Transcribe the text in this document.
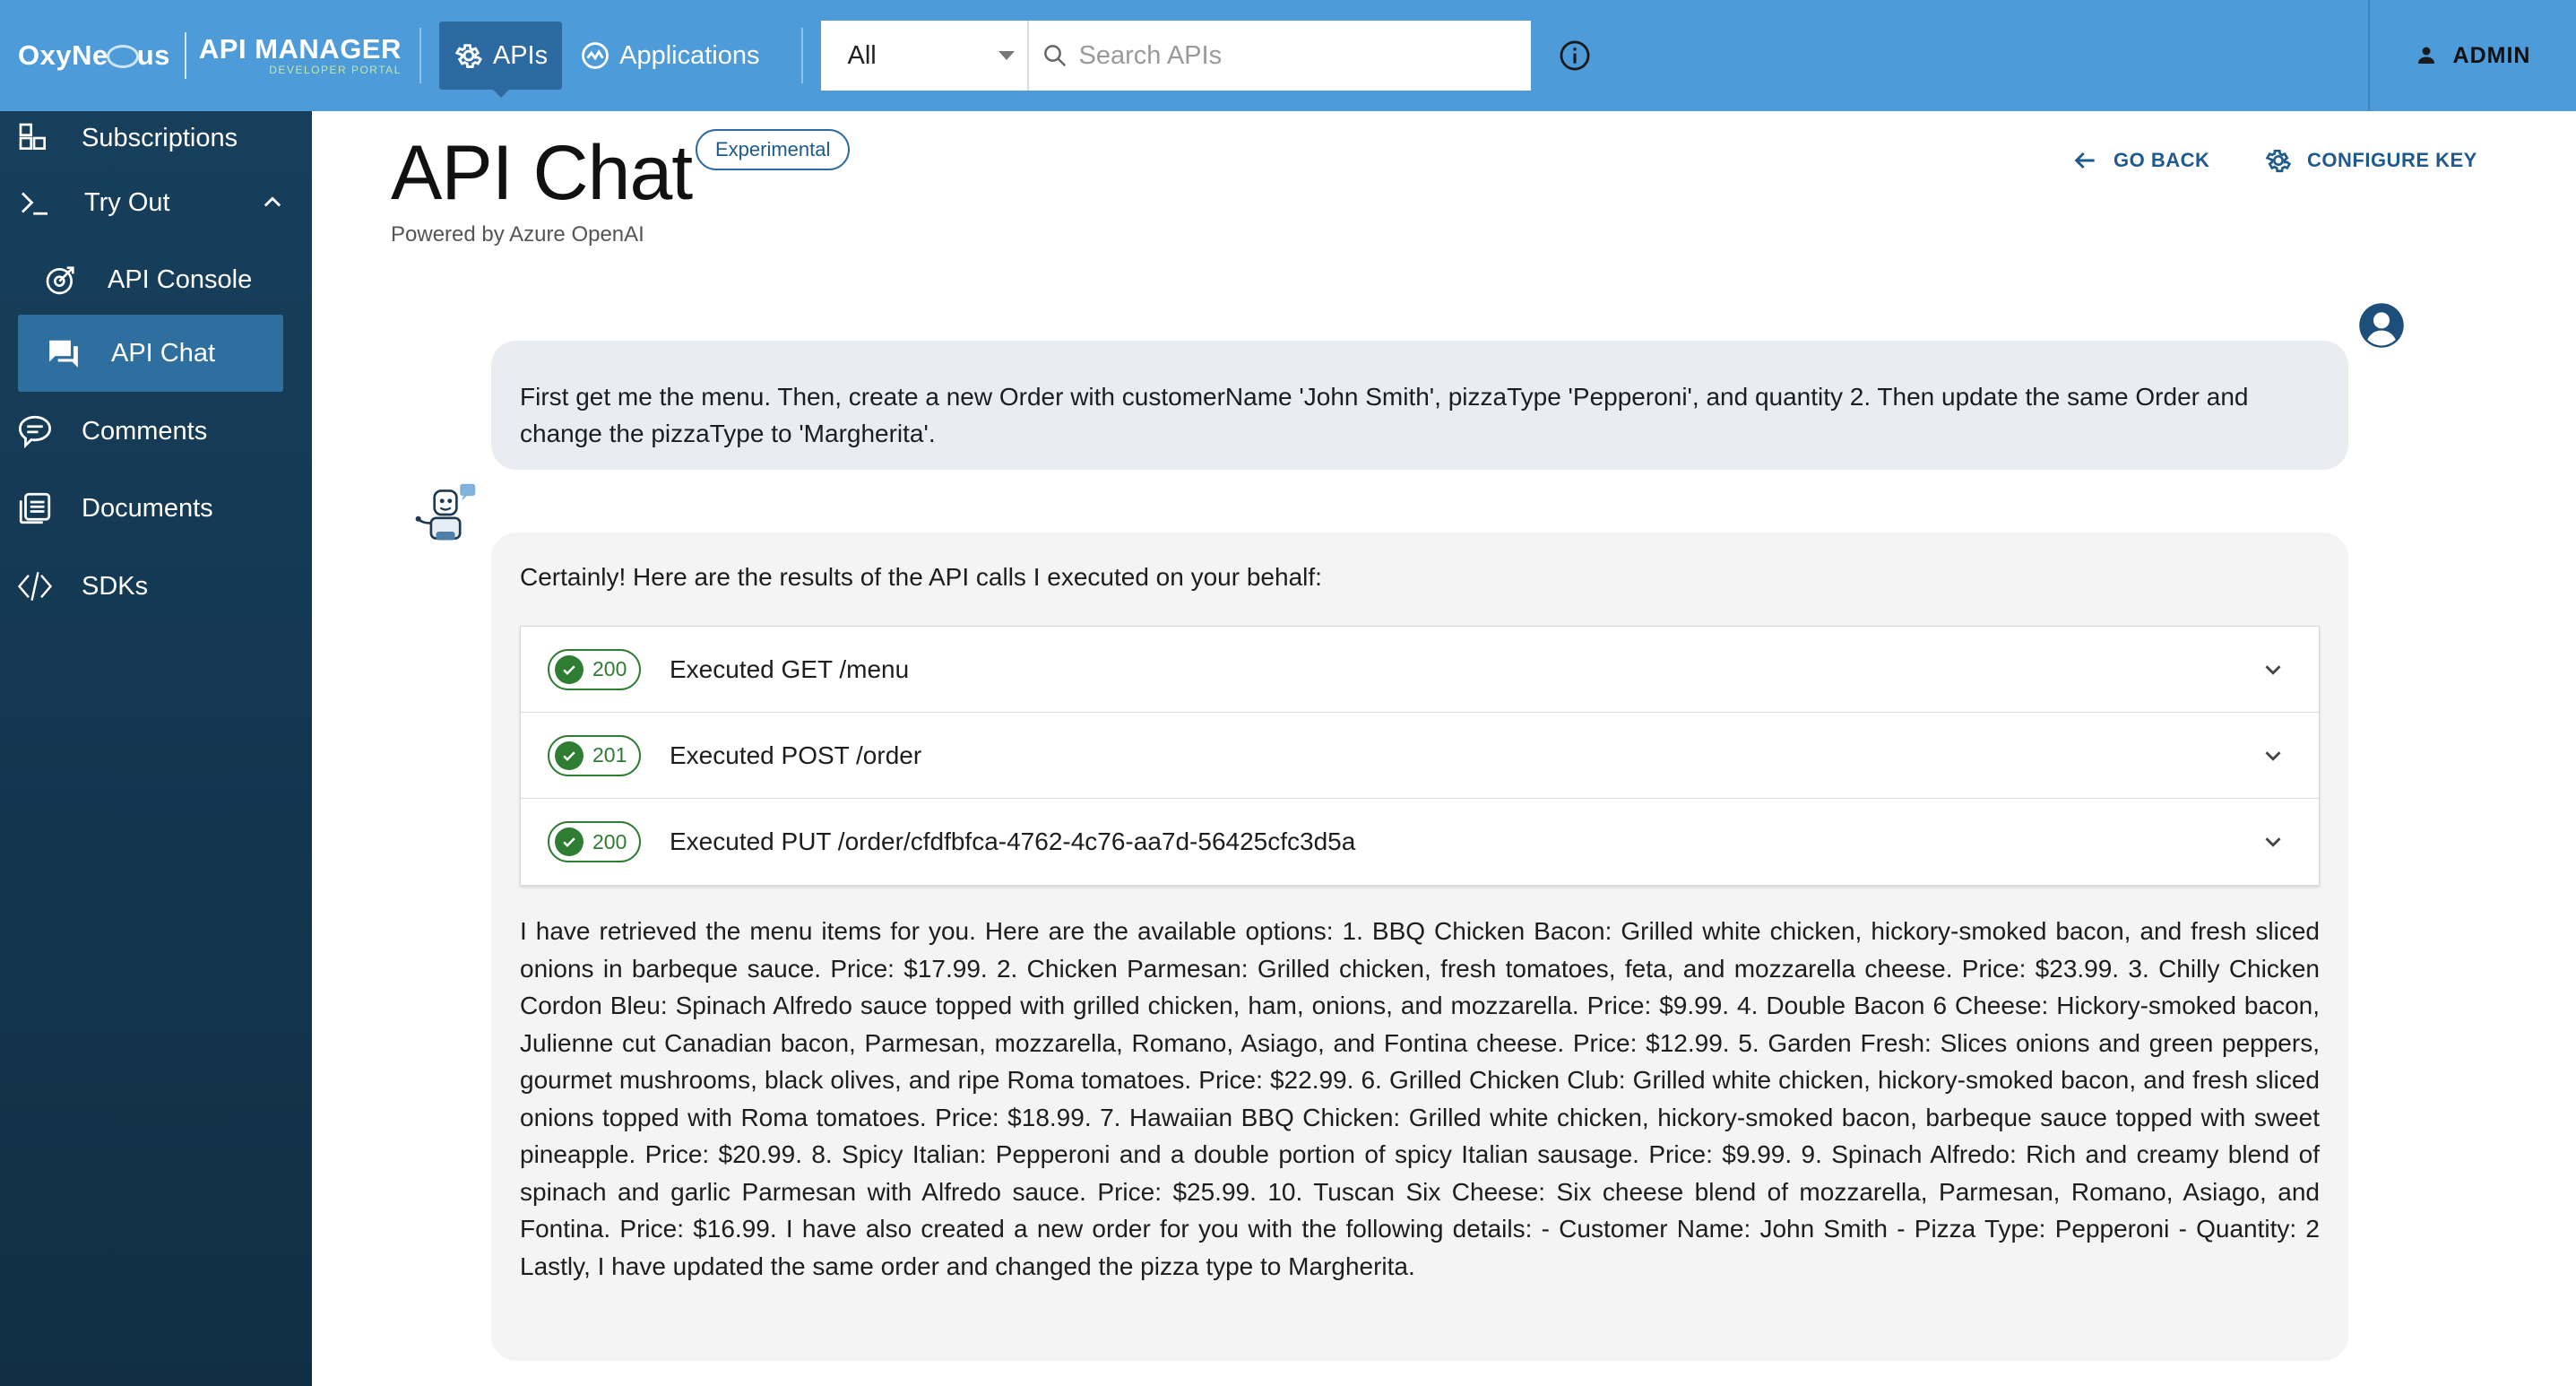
OxyNe us API MANAGER
DEVELOPER PORTAL
APIs	Applications	All
Search APIs	ADMIN
Subscriptions
Try Out
API Console
API Chat
Comments
Documents
SDKs
API Chat	Experimental
Powered by Azure OpenAI
GO BACK	CONFIGURE KEY
First get me the menu. Then, create a new Order with customerName 'John Smith', pizzaType 'Pepperoni', and quantity 2. Then update the same Order and change the pizzaType to 'Margherita'.
Certainly! Here are the results of the API calls I executed on your behalf:
200 Executed GET /menu
201 Executed POST /order
200 Executed PUT /order/cfdfbfca-4762-4c76-aa7d-56425cfc3d5a
I have retrieved the menu items for you. Here are the available options: 1. BBQ Chicken Bacon: Grilled white chicken, hickory-smoked bacon, and fresh sliced onions in barbeque sauce. Price: $17.99. 2. Chicken Parmesan: Grilled chicken, fresh tomatoes, feta, and mozzarella cheese. Price: $23.99. 3. Chilly Chicken Cordon Bleu: Spinach Alfredo sauce topped with grilled chicken, ham, onions, and mozzarella. Price: $9.99. 4. Double Bacon 6 Cheese: Hickory-smoked bacon, Julienne cut Canadian bacon, Parmesan, mozzarella, Romano, Asiago, and Fontina cheese. Price: $12.99. 5. Garden Fresh: Slices onions and green peppers, gourmet mushrooms, black olives, and ripe Roma tomatoes. Price: $22.99. 6. Grilled Chicken Club: Grilled white chicken, hickory-smoked bacon, and fresh sliced onions topped with Roma tomatoes. Price: $18.99. 7. Hawaiian BBQ Chicken: Grilled white chicken, hickory-smoked bacon, barbeque sauce topped with sweet pineapple. Price: $20.99. 8. Spicy Italian: Pepperoni and a double portion of spicy Italian sausage. Price: $9.99. 9. Spinach Alfredo: Rich and creamy blend of spinach and garlic Parmesan with Alfredo sauce. Price: $25.99. 10. Tuscan Six Cheese: Six cheese blend of mozzarella, Parmesan, Romano, Asiago, and Fontina. Price: $16.99. I have also created a new order for you with the following details: - Customer Name: John Smith - Pizza Type: Pepperoni - Quantity: 2 Lastly, I have updated the same order and changed the pizza type to Margherita.
